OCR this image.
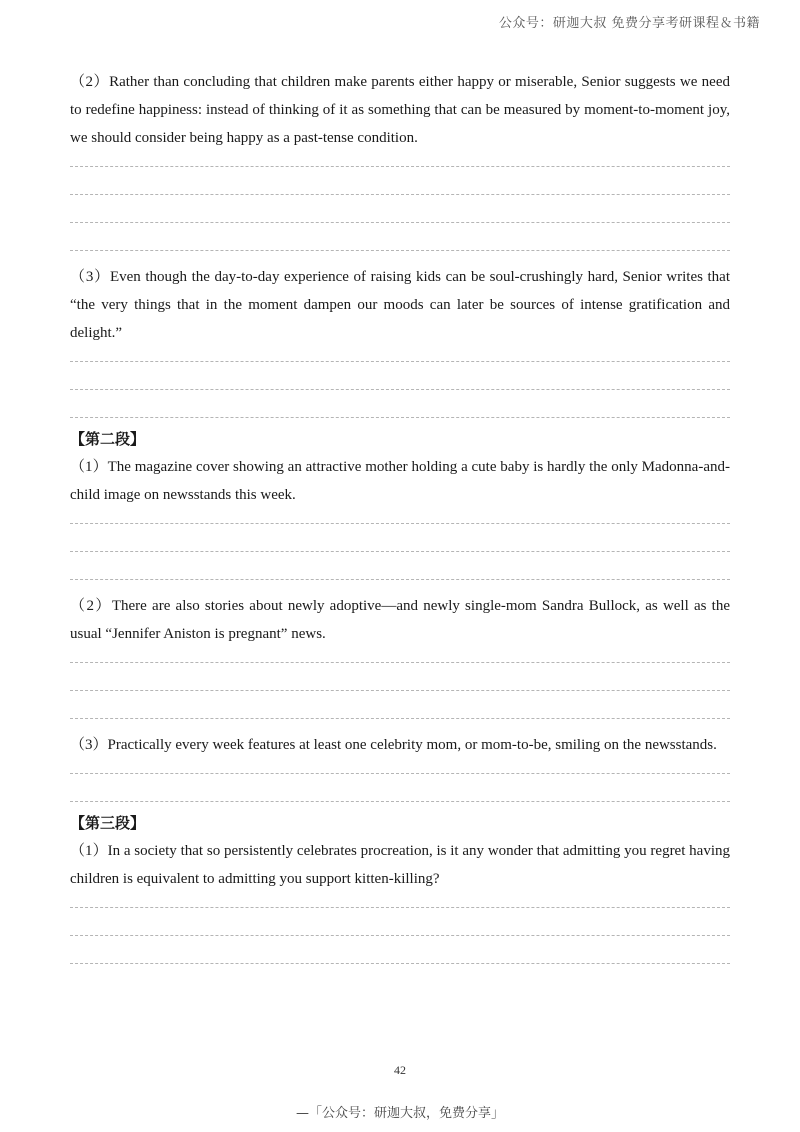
公众号：研迦大叔 免费分享考研课程＆书籍

（2）Rather than concluding that children make parents either happy or miserable, Senior suggests we need to redefine happiness: instead of thinking of it as something that can be measured by moment-to-moment joy, we should consider being happy as a past-tense condition.

（3）Even though the day-to-day experience of raising kids can be soul-crushingly hard, Senior writes that “the very things that in the moment dampen our moods can later be sources of intense gratification and delight.”

【第二段】

（1）The magazine cover showing an attractive mother holding a cute baby is hardly the only Madonna-and-child image on newsstands this week.

（2）There are also stories about newly adoptive—and newly single-mom Sandra Bullock, as well as the usual “Jennifer Aniston is pregnant” news.

（3）Practically every week features at least one celebrity mom, or mom-to-be, smiling on the newsstands.

【第三段】

（1）In a society that so persistently celebrates procreation, is it any wonder that admitting you regret having children is equivalent to admitting you support kitten-killing?

42
—「公众号：研迦大叔，免费分享」
